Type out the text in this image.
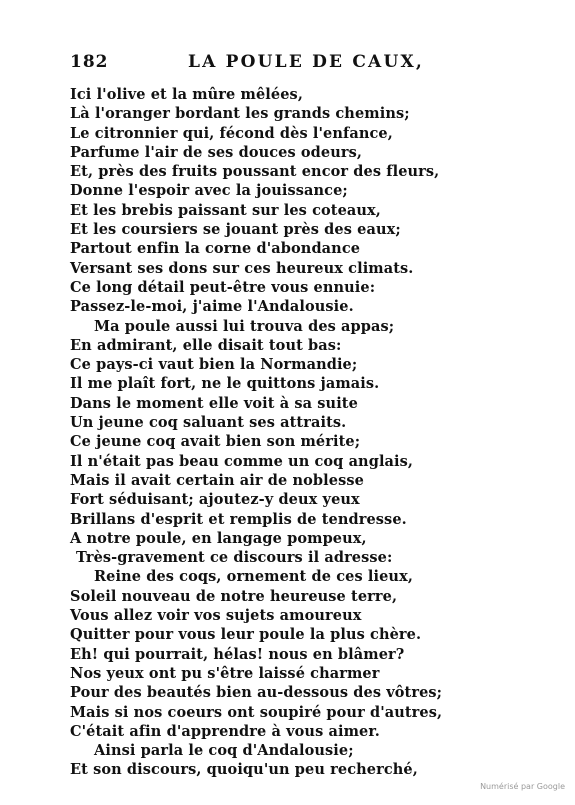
182	LA POULE DE CAUX,
Ici l'olive et la mûre mêlées,
Là l'oranger bordant les grands chemins;
Le citronnier qui, fécond dès l'enfance,
Parfume l'air de ses douces odeurs,
Et, près des fruits poussant encor des fleurs,
Donne l'espoir avec la jouissance;
Et les brebis paissant sur les coteaux,
Et les coursiers se jouant près des eaux;
Partout enfin la corne d'abondance
Versant ses dons sur ces heureux climats.
Ce long détail peut-être vous ennuie:
Passez-le-moi, j'aime l'Andalousie.
Ma poule aussi lui trouva des appas;
En admirant, elle disait tout bas:
Ce pays-ci vaut bien la Normandie;
Il me plaît fort, ne le quittons jamais.
Dans le moment elle voit à sa suite
Un jeune coq saluant ses attraits.
Ce jeune coq avait bien son mérite;
Il n'était pas beau comme un coq anglais,
Mais il avait certain air de noblesse
Fort séduisant; ajoutez-y deux yeux
Brillans d'esprit et remplis de tendresse.
A notre poule, en langage pompeux,
Très-gravement ce discours il adresse:
Reine des coqs, ornement de ces lieux,
Soleil nouveau de notre heureuse terre,
Vous allez voir vos sujets amoureux
Quitter pour vous leur poule la plus chère.
Eh! qui pourrait, hélas! nous en blâmer?
Nos yeux ont pu s'être laissé charmer
Pour des beautés bien au-dessous des vôtres;
Mais si nos coeurs ont soupiré pour d'autres,
C'était afin d'apprendre à vous aimer.
Ainsi parla le coq d'Andalousie;
Et son discours, quoiqu'un peu recherché,
Numérisé par Google
